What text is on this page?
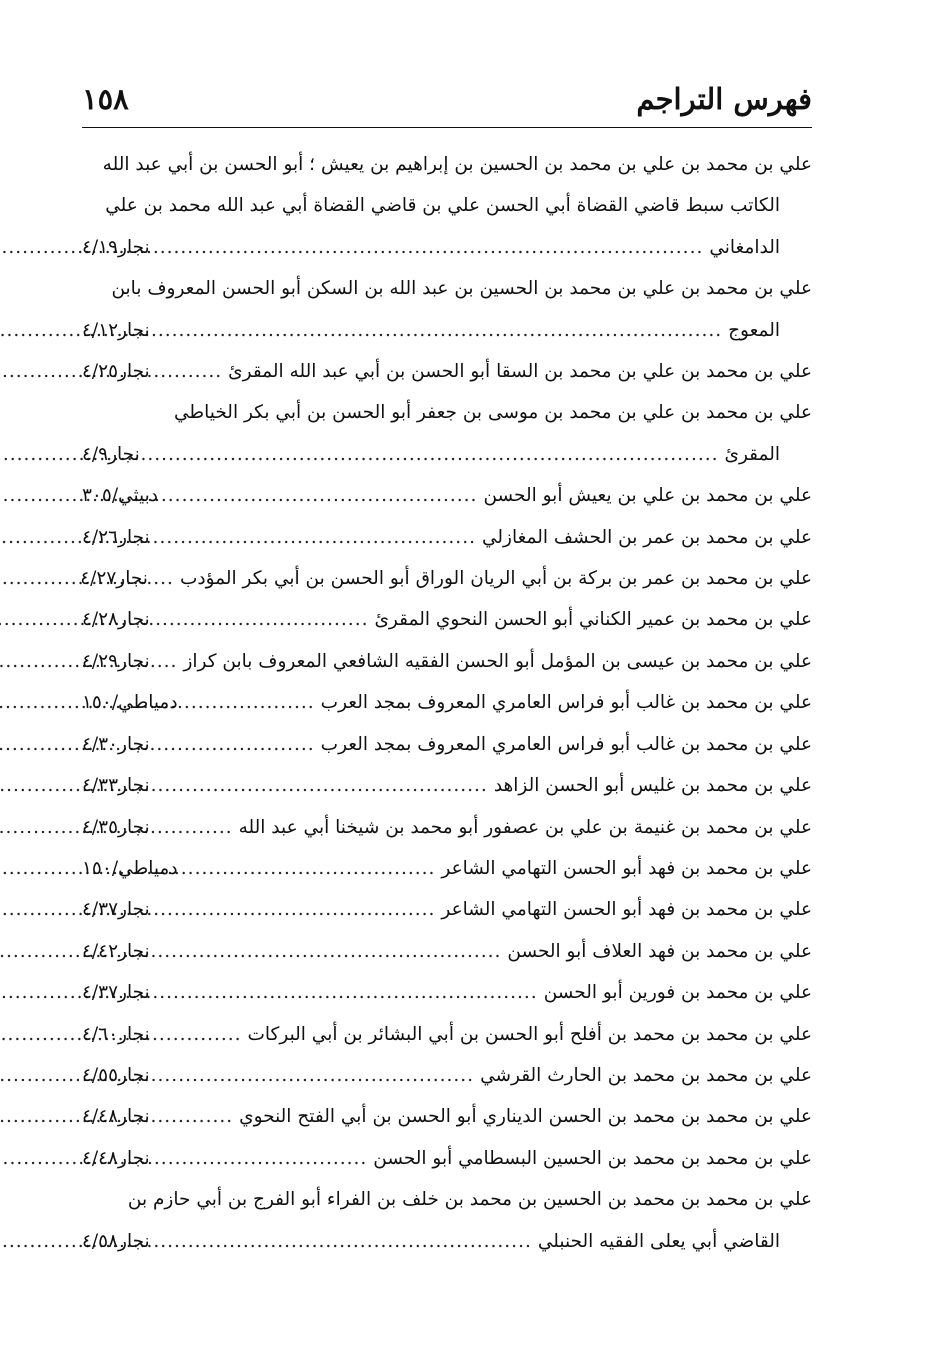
فهرس التراجم
١٥٨
علي بن محمد بن علي بن محمد بن الحسين بن إبراهيم بن يعيش ؛ أبو الحسن بن أبي عبد الله
الكاتب سبط قاضي القضاة أبي الحسن علي بن قاضي القضاة أبي عبد الله محمد بن علي
الدامغاني
.....
نجار٤/١٩
علي بن محمد بن علي بن محمد بن الحسين بن عبد الله بن السكن أبو الحسن المعروف بابن
المعوج
.....
نجار٤/١٢
علي بن محمد بن علي بن محمد بن السقا أبو الحسن بن أبي عبد الله المقرئ
.....
نجار٤/٢٥
علي بن محمد بن علي بن محمد بن موسى بن جعفر أبو الحسن بن أبي بكر الخياطي
المقرئ
.....
نجار٤/٩
علي بن محمد بن علي بن يعيش أبو الحسن
.....
دبيثي/٣٠٥
علي بن محمد بن عمر بن الحشف المغازلي
.....
نجار٤/٢٦
علي بن محمد بن عمر بن بركة بن أبي الريان الوراق أبو الحسن بن أبي بكر المؤدب
.....
نجار٤/٢٧
علي بن محمد بن عمير الكناني أبو الحسن النحوي المقرئ
.....
نجار٤/٢٨
علي بن محمد بن عيسى بن المؤمل أبو الحسن الفقيه الشافعي المعروف بابن كراز
.....
نجار٤/٢٩
علي بن محمد بن غالب أبو فراس العامري المعروف بمجد العرب
.....
دمياطي/١٥٠
علي بن محمد بن غالب أبو فراس العامري المعروف بمجد العرب
.....
نجار٤/٣٠
علي بن محمد بن غليس أبو الحسن الزاهد
.....
نجار٤/٣٣
علي بن محمد بن غنيمة بن علي بن عصفور أبو محمد بن شيخنا أبي عبد الله
.....
نجار٤/٣٥
علي بن محمد بن فهد أبو الحسن التهامي الشاعر
.....
دمياطي/١٥٠
علي بن محمد بن فهد أبو الحسن التهامي الشاعر
.....
نجار٤/٣٧
علي بن محمد بن فهد العلاف أبو الحسن
.....
نجار٤/٤٢
علي بن محمد بن فورين أبو الحسن
.....
نجار٤/٣٧
علي بن محمد بن محمد بن أفلح أبو الحسن بن أبي البشائر بن أبي البركات
.....
نجار٤/٦٠
علي بن محمد بن محمد بن الحارث القرشي
.....
نجار٤/٥٥
علي بن محمد بن محمد بن الحسن الديناري أبو الحسن بن أبي الفتح النحوي
.....
نجار٤/٤٨
علي بن محمد بن محمد بن الحسين البسطامي أبو الحسن
.....
نجار٤/٤٨
علي بن محمد بن محمد بن الحسين بن محمد بن خلف بن الفراء أبو الفرج بن أبي حازم بن
القاضي أبي يعلى الفقيه الحنبلي
.....
نجار٤/٥٨
